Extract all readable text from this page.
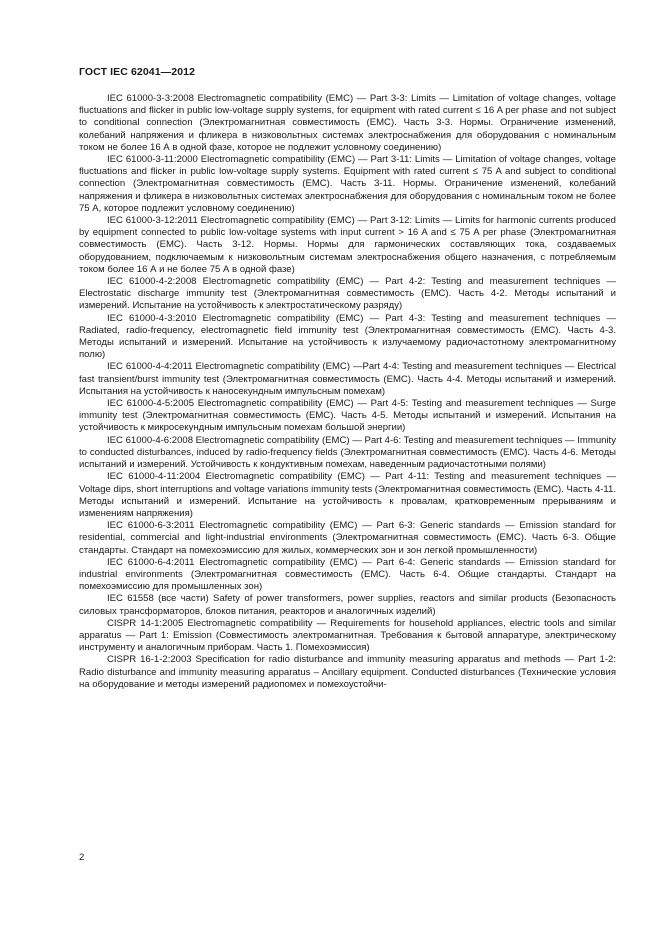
ГОСТ IEC 62041—2012

IEC 61000-3-3:2008 Electromagnetic compatibility (EMC) — Part 3-3: Limits — Limitation of voltage changes, voltage fluctuations and flicker in public low-voltage supply systems, for equipment with rated current ≤ 16 A per phase and not subject to conditional connection (Электромагнитная совместимость (EMC). Часть 3-3. Нормы. Ограничение изменений, колебаний напряжения и фликера в низковольтных системах электроснабжения для оборудования с номинальным током не более 16 А в одной фазе, которое не подлежит условному соединению)

IEC 61000-3-11:2000 Electromagnetic compatibility (EMC) — Part 3-11: Limits — Limitation of voltage changes, voltage fluctuations and flicker in public low-voltage supply systems. Equipment with rated current ≤ 75 A and subject to conditional connection (Электромагнитная совместимость (EMC). Часть 3-11. Нормы. Ограничение изменений, колебаний напряжения и фликера в низковольтных системах электроснабжения для оборудования с номинальным током не более 75 А, которое подлежит условному соединению)

IEC 61000-3-12:2011 Electromagnetic compatibility (EMC) — Part 3-12: Limits — Limits for harmonic currents produced by equipment connected to public low-voltage systems with input current > 16 A and ≤ 75 A per phase (Электромагнитная совместимость (EMC). Часть 3-12. Нормы. Нормы для гармонических составляющих тока, создаваемых оборудованием, подключаемым к низковольтным системам электроснабжения общего назначения, с потребляемым током более 16 А и не более 75 А в одной фазе)

IEC 61000-4-2:2008 Electromagnetic compatibility (EMC) — Part 4-2: Testing and measurement techniques — Electrostatic discharge immunity test (Электромагнитная совместимость (EMC). Часть 4-2. Методы испытаний и измерений. Испытание на устойчивость к электростатическому разряду)

IEC 61000-4-3:2010 Electromagnetic compatibility (EMC) — Part 4-3: Testing and measurement techniques — Radiated, radio-frequency, electromagnetic field immunity test (Электромагнитная совместимость (EMC). Часть 4-3. Методы испытаний и измерений. Испытание на устойчивость к излучаемому радиочастотному электромагнитному полю)

IEC 61000-4-4:2011 Electromagnetic compatibility (EMC) —Part 4-4: Testing and measurement techniques — Electrical fast transient/burst immunity test (Электромагнитная совместимость (EMC). Часть 4-4. Методы испытаний и измерений. Испытания на устойчивость к наносекундным импульсным помехам)

IEC 61000-4-5:2005 Electromagnetic compatibility (EMC) — Part 4-5: Testing and measurement techniques — Surge immunity test (Электромагнитная совместимость (EMC). Часть 4-5. Методы испытаний и измерений. Испытания на устойчивость к микросекундным импульсным помехам большой энергии)

IEC 61000-4-6:2008 Electromagnetic compatibility (EMC) — Part 4-6: Testing and measurement techniques — Immunity to conducted disturbances, induced by radio-frequency fields (Электромагнитная совместимость (EMC). Часть 4-6. Методы испытаний и измерений. Устойчивость к кондуктивным помехам, наведенным радиочастотными полями)

IEC 61000-4-11:2004 Electromagnetic compatibility (EMC) — Part 4-11: Testing and measurement techniques — Voltage dips, short interruptions and voltage variations immunity tests (Электромагнитная совместимость (EMC). Часть 4-11. Методы испытаний и измерений. Испытание на устойчивость к провалам, кратковременным прерываниям и изменениям напряжения)

IEC 61000-6-3:2011 Electromagnetic compatibility (EMC) — Part 6-3: Generic standards — Emission standard for residential, commercial and light-industrial environments (Электромагнитная совместимость (EMC). Часть 6-3. Общие стандарты. Стандарт на помехоэмиссию для жилых, коммерческих зон и зон легкой промышленности)

IEC 61000-6-4:2011 Electromagnetic compatibility (EMC) — Part 6-4: Generic standards — Emission standard for industrial environments (Электромагнитная совместимость (EMC). Часть 6-4. Общие стандарты. Стандарт на помехоэмиссию для промышленных зон)

IEC 61558 (все части) Safety of power transformers, power supplies, reactors and similar products (Безопасность силовых трансформаторов, блоков питания, реакторов и аналогичных изделий)

CISPR 14-1:2005 Electromagnetic compatibility — Requirements for household appliances, electric tools and similar apparatus — Part 1: Emission (Совместимость электромагнитная. Требования к бытовой аппаратуре, электрическому инструменту и аналогичным приборам. Часть 1. Помехоэмиссия)

CISPR 16-1-2:2003 Specification for radio disturbance and immunity measuring apparatus and methods — Part 1-2: Radio disturbance and immunity measuring apparatus – Ancillary equipment. Conducted disturbances (Технические условия на оборудование и методы измерений радиопомех и помехоустойчи-

2
